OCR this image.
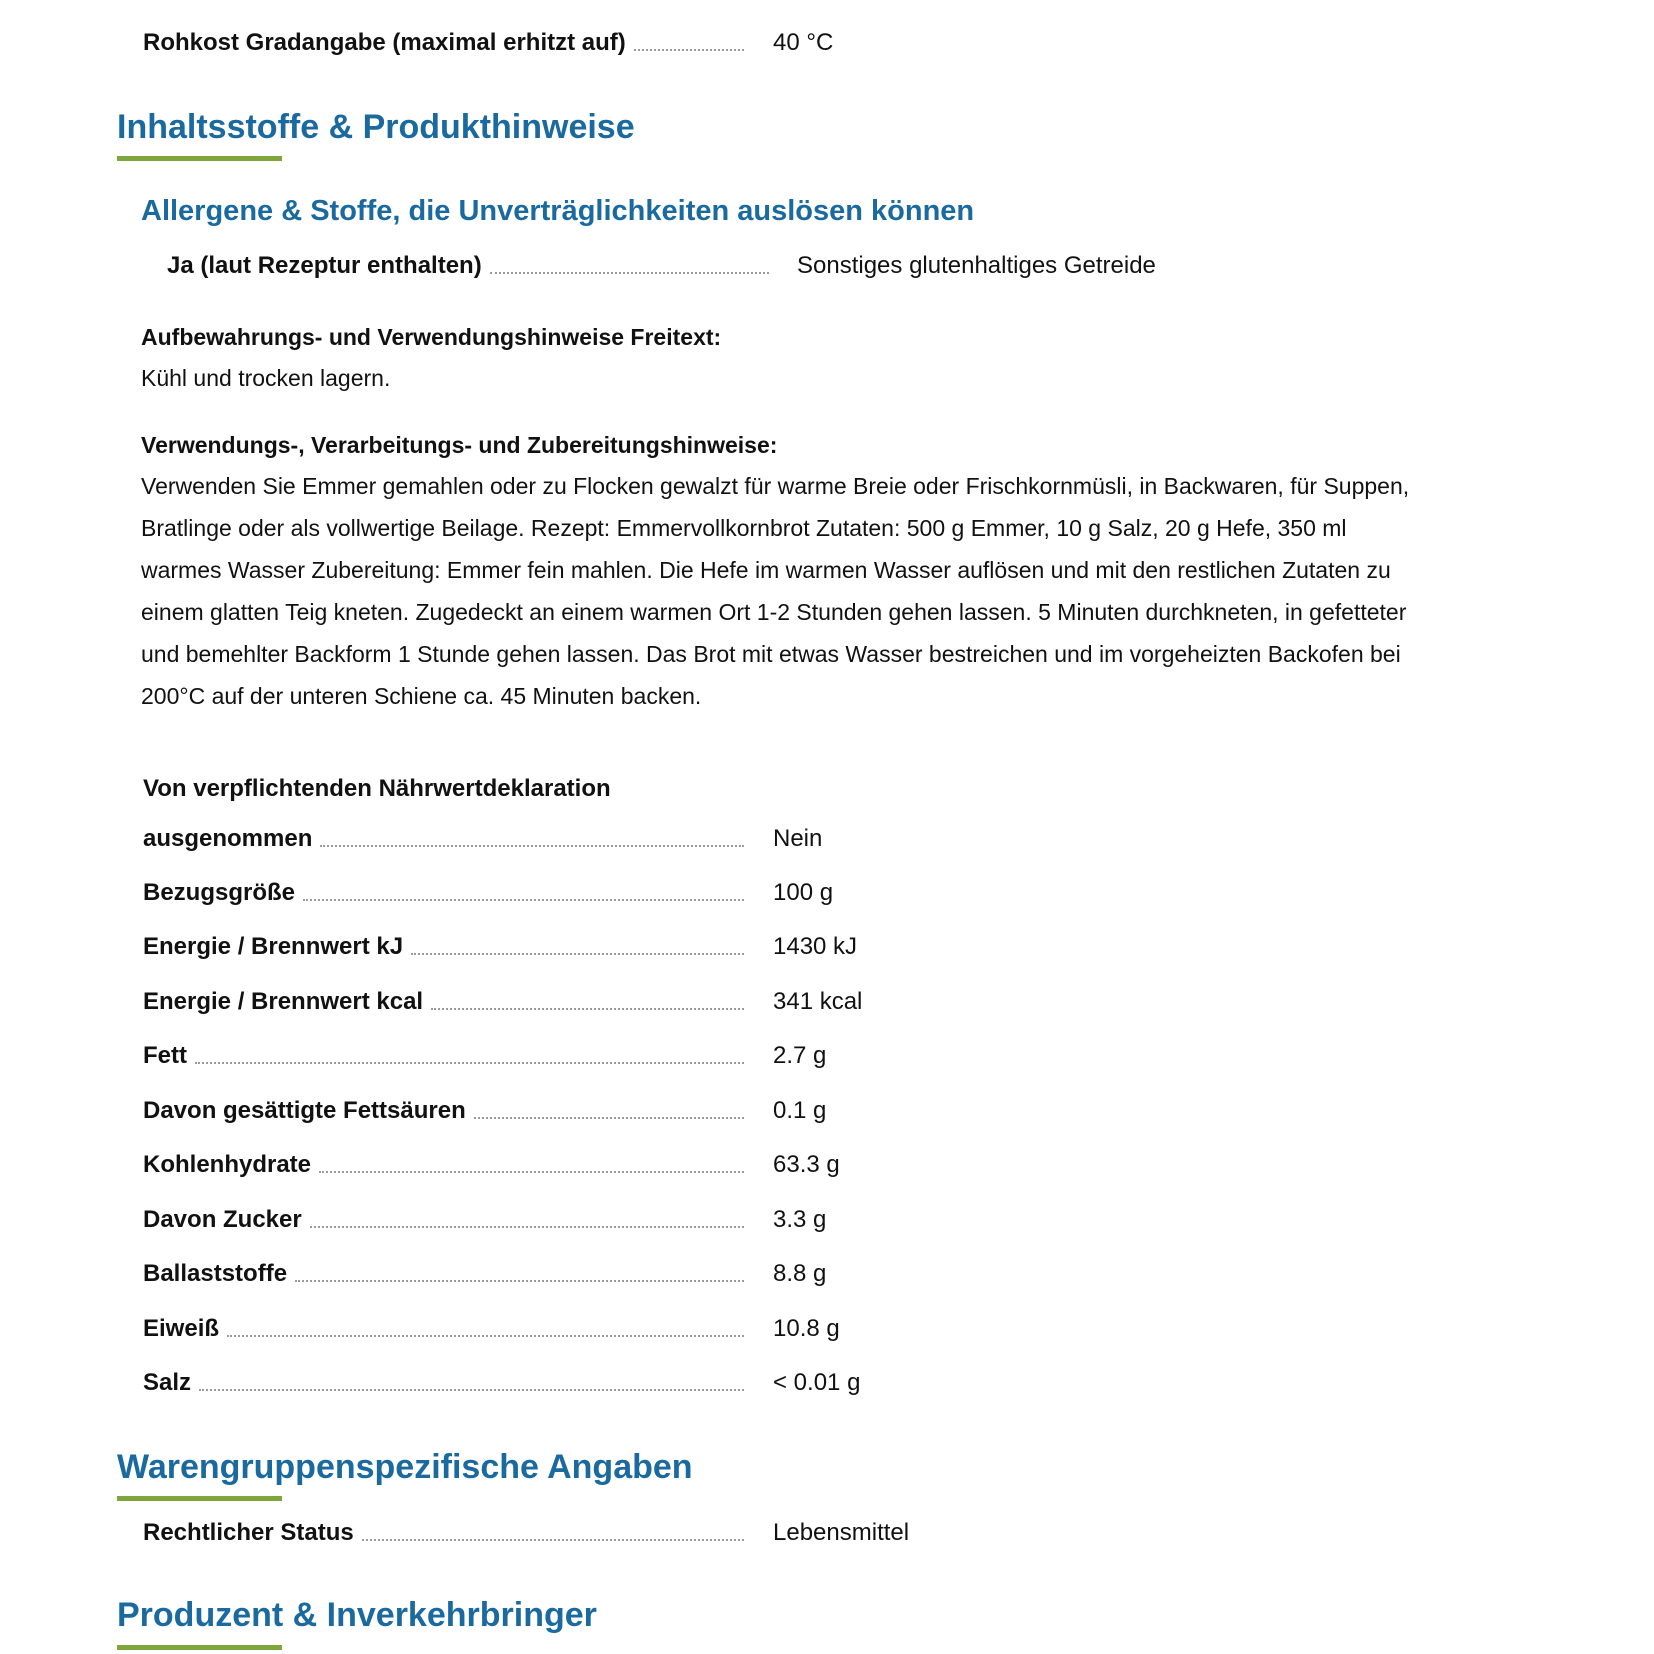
Rohkost Gradangabe (maximal erhitzt auf)	40 °C
Inhaltsstoffe & Produkthinweise
Allergene & Stoffe, die Unverträglichkeiten auslösen können
Ja (laut Rezeptur enthalten)	Sonstiges glutenhaltiges Getreide
Aufbewahrungs- und Verwendungshinweise Freitext:
Kühl und trocken lagern.
Verwendungs-, Verarbeitungs- und Zubereitungshinweise:

Verwenden Sie Emmer gemahlen oder zu Flocken gewalzt für warme Breie oder Frischkornmüsli, in Backwaren, für Suppen, Bratlinge oder als vollwertige Beilage. Rezept: Emmervollkornbrot Zutaten: 500 g Emmer, 10 g Salz, 20 g Hefe, 350 ml warmes Wasser Zubereitung: Emmer fein mahlen. Die Hefe im warmen Wasser auflösen und mit den restlichen Zutaten zu einem glatten Teig kneten. Zugedeckt an einem warmen Ort 1-2 Stunden gehen lassen. 5 Minuten durchkneten, in gefetteter und bemehlter Backform 1 Stunde gehen lassen. Das Brot mit etwas Wasser bestreichen und im vorgeheizten Backofen bei 200°C auf der unteren Schiene ca. 45 Minuten backen.

Von verpflichtenden Nährwertdeklaration
ausgenommen	Nein
Bezugsgröße	100 g
Energie / Brennwert kJ	1430 kJ
Energie / Brennwert kcal	341 kcal
Fett	2.7 g
Davon gesättigte Fettsäuren	0.1 g
Kohlenhydrate	63.3 g
Davon Zucker	3.3 g
Ballaststoffe	8.8 g
Eiweiß	10.8 g
Salz	< 0.01 g
Warengruppenspezifische Angaben
Rechtlicher Status	Lebensmittel
Produzent & Inverkehrbringer
